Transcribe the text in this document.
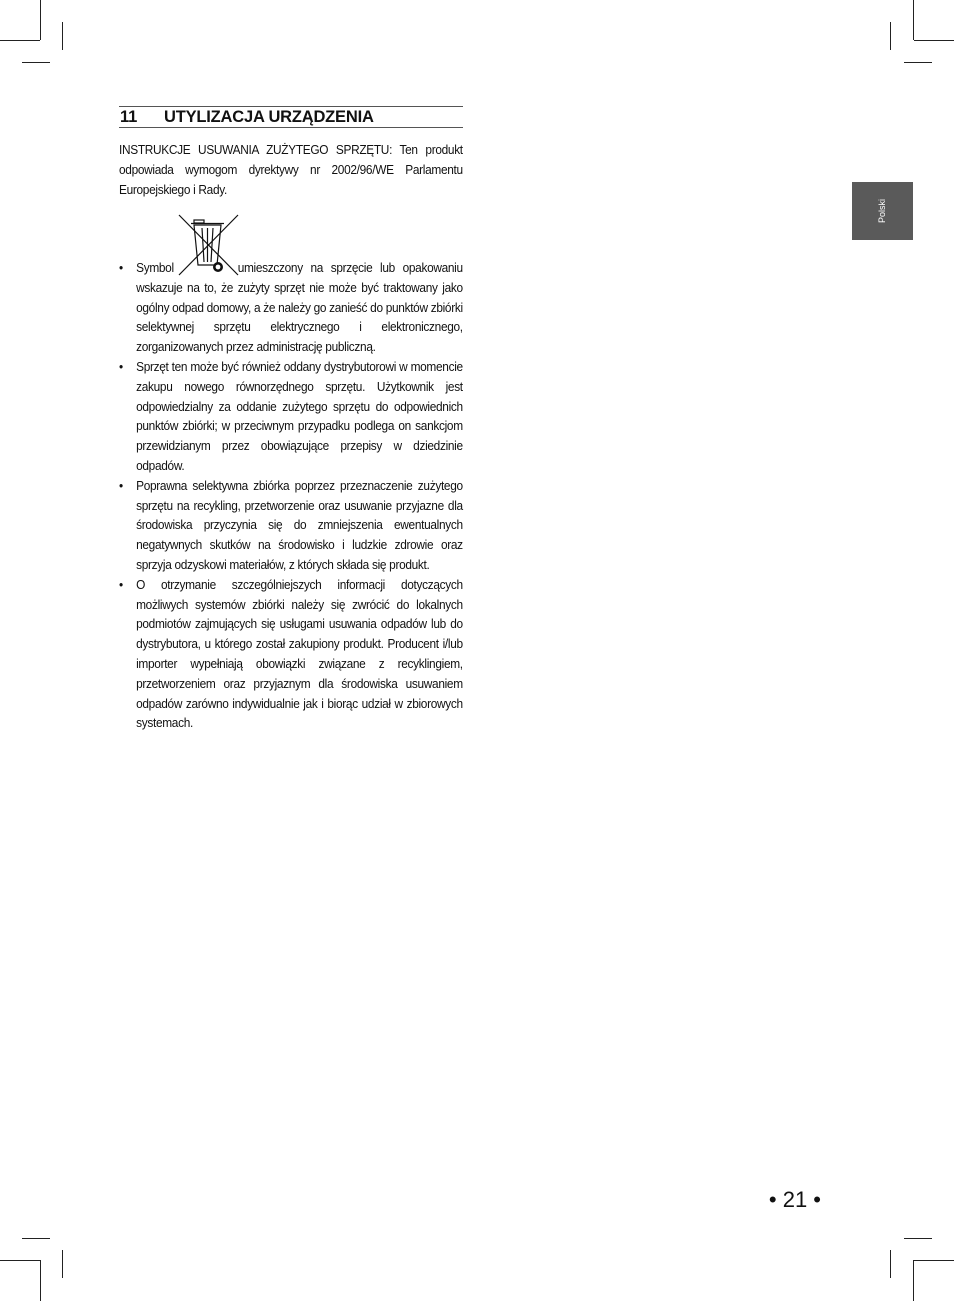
11	UTYLIZACJA URZĄDZENIA
INSTRUKCJE USUWANIA ZUŻYTEGO SPRZĘTU: Ten produkt odpowiada wymogom dyrektywy nr 2002/96/WE Parlamentu Europejskiego i Rady.
• Symbol	umieszczony na sprzęcie lub opakowaniu wskazuje na to, że zużyty sprzęt nie może być traktowany jako ogólny odpad domowy, a że należy go zanieść do punktów zbiórki selektywnej sprzętu elektrycznego i elektronicznego, zorganizowanych przez administrację publiczną.
• Sprzęt ten może być również oddany dystrybutorowi w momencie zakupu nowego równorzędnego sprzętu. Użytkownik jest odpowiedzialny za oddanie zużytego sprzętu do odpowiednich punktów zbiórki; w przeciwnym przypadku podlega on sankcjom przewidzianym przez obowiązujące przepisy w dziedzinie odpadów.
• Poprawna selektywna zbiórka poprzez przeznaczenie zużytego sprzętu na recykling, przetworzenie oraz usuwanie przyjazne dla środowiska przyczynia się do zmniejszenia ewentualnych negatywnych skutków na środowisko i ludzkie zdrowie oraz sprzyja odzyskowi materiałów, z których składa się produkt.
• O otrzymanie szczególniejszych informacji dotyczących możliwych systemów zbiórki należy się zwrócić do lokalnych podmiotów zajmujących się usługami usuwania odpadów lub do dystrybutora, u którego został zakupiony produkt. Producent i/lub importer wypełniają obowiązki związane z recyklingiem, przetworzeniem oraz przyjaznym dla środowiska usuwaniem odpadów zarówno indywidualnie jak i biorąc udział w zbiorowych systemach.
Polski
• 21 •
